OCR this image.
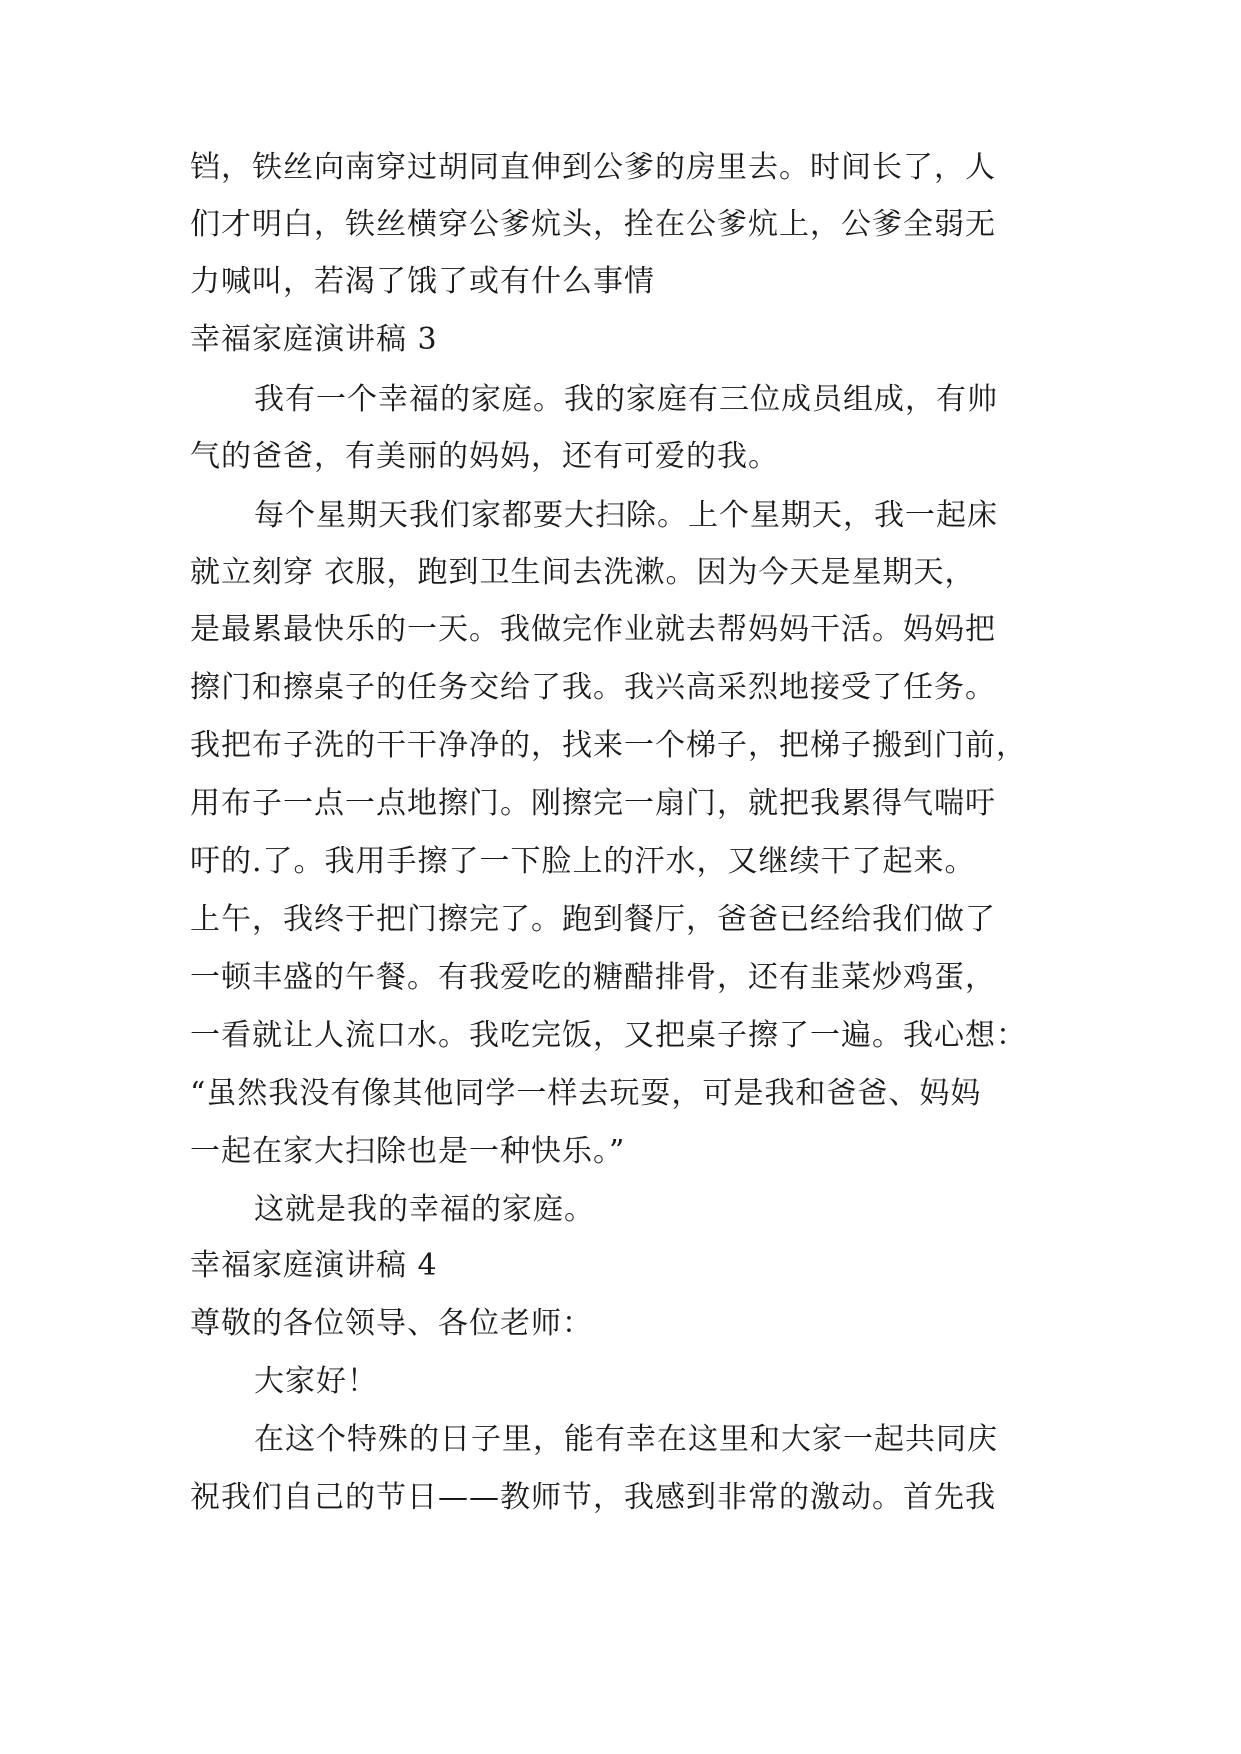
铛，铁丝向南穿过胡同直伸到公爹的房里去。时间长了，人
们才明白，铁丝横穿公爹炕头，拴在公爹炕上，公爹全弱无
力喊叫，若渴了饿了或有什么事情
幸福家庭演讲稿 3
我有一个幸福的家庭。我的家庭有三位成员组成，有帅
气的爸爸，有美丽的妈妈，还有可爱的我。
每个星期天我们家都要大扫除。上个星期天，我一起床
就立刻穿 衣服，跑到卫生间去洗漱。因为今天是星期天，
是最累最快乐的一天。我做完作业就去帮妈妈干活。妈妈把
擦门和擦桌子的任务交给了我。我兴高采烈地接受了任务。
我把布子洗的干干净净的，找来一个梯子，把梯子搬到门前，
用布子一点一点地擦门。刚擦完一扇门，就把我累得气喘吁
吁的.了。我用手擦了一下脸上的汗水，又继续干了起来。
上午，我终于把门擦完了。跑到餐厅，爸爸已经给我们做了
一顿丰盛的午餐。有我爱吃的糖醋排骨，还有韭菜炒鸡蛋，
一看就让人流口水。我吃完饭，又把桌子擦了一遍。我心想：
“虽然我没有像其他同学一样去玩耍，可是我和爸爸、妈妈
一起在家大扫除也是一种快乐。”
这就是我的幸福的家庭。
幸福家庭演讲稿 4
尊敬的各位领导、各位老师：
大家好！
在这个特殊的日子里，能有幸在这里和大家一起共同庆
祝我们自己的节日——教师节，我感到非常的激动。首先我
